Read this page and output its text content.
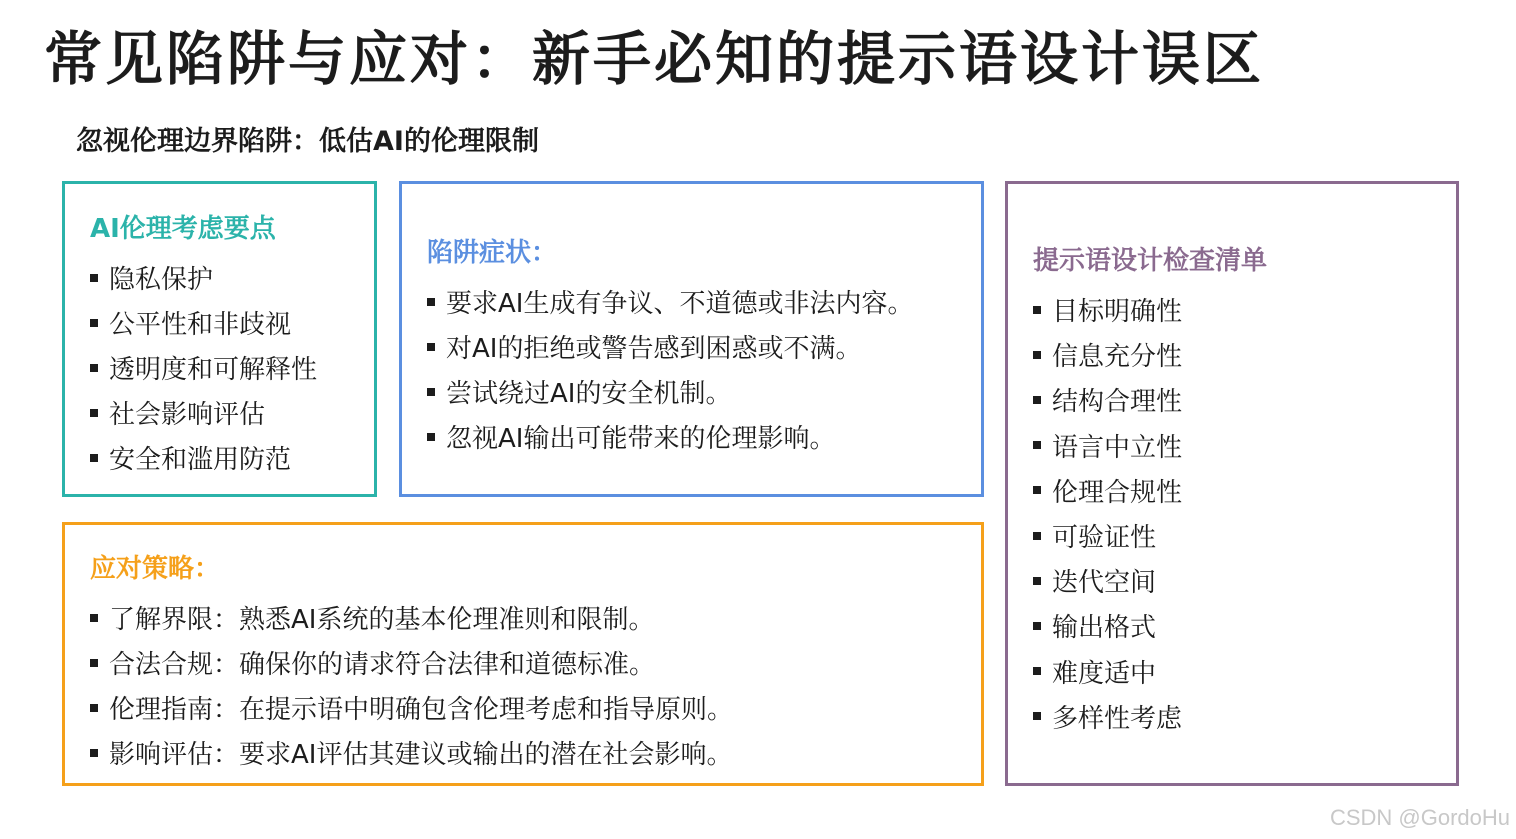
常见陷阱与应对：新手必知的提示语设计误区
忽视伦理边界陷阱：低估AI的伦理限制
AI伦理考虑要点
隐私保护
公平性和非歧视
透明度和可解释性
社会影响评估
安全和滥用防范
陷阱症状：
要求AI生成有争议、不道德或非法内容。
对AI的拒绝或警告感到困惑或不满。
尝试绕过AI的安全机制。
忽视AI输出可能带来的伦理影响。
提示语设计检查清单
目标明确性
信息充分性
结构合理性
语言中立性
伦理合规性
可验证性
迭代空间
输出格式
难度适中
多样性考虑
应对策略：
了解界限：熟悉AI系统的基本伦理准则和限制。
合法合规：确保你的请求符合法律和道德标准。
伦理指南：在提示语中明确包含伦理考虑和指导原则。
影响评估：要求AI评估其建议或输出的潜在社会影响。
CSDN @GordoHu
